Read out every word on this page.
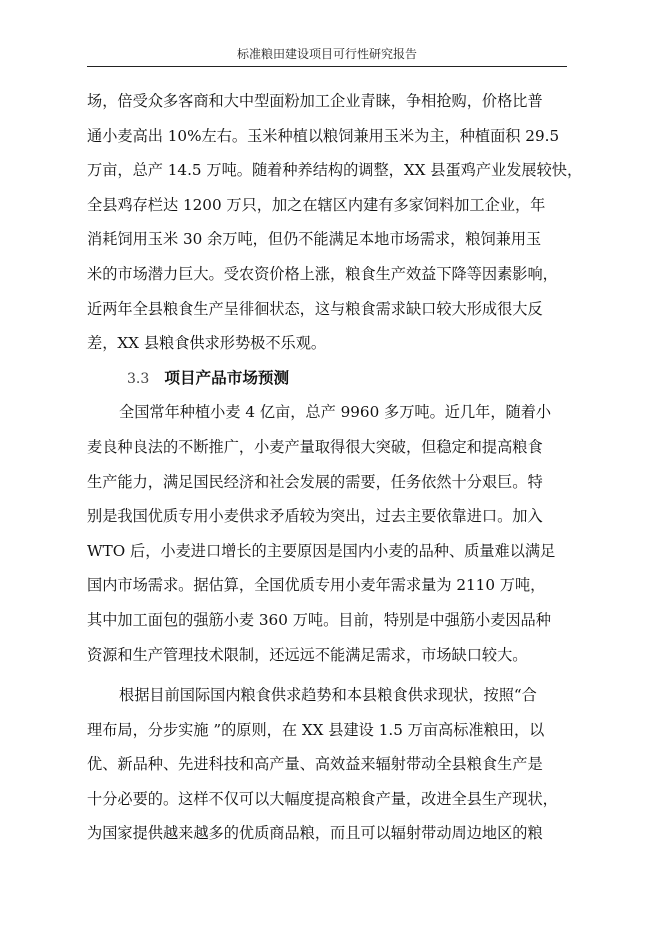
标准粮田建设项目可行性研究报告
场，倍受众多客商和大中型面粉加工企业青睐，争相抢购，价格比普
通小麦高出 10%左右。玉米种植以粮饲兼用玉米为主，种植面积 29.5
万亩，总产 14.5 万吨。随着种养结构的调整，XX 县蛋鸡产业发展较快，
全县鸡存栏达 1200 万只，加之在辖区内建有多家饲料加工企业，年
消耗饲用玉米 30 余万吨，但仍不能满足本地市场需求，粮饲兼用玉
米的市场潜力巨大。受农资价格上涨，粮食生产效益下降等因素影响，
近两年全县粮食生产呈徘徊状态，这与粮食需求缺口较大形成很大反
差，XX 县粮食供求形势极不乐观。
3.3 项目产品市场预测
全国常年种植小麦 4 亿亩，总产 9960 多万吨。近几年，随着小
麦良种良法的不断推广，小麦产量取得很大突破，但稳定和提高粮食
生产能力，满足国民经济和社会发展的需要，任务依然十分艰巨。特
别是我国优质专用小麦供求矛盾较为突出，过去主要依靠进口。加入
WTO 后，小麦进口增长的主要原因是国内小麦的品种、质量难以满足
国内市场需求。据估算，全国优质专用小麦年需求量为 2110 万吨，
其中加工面包的强筋小麦 360 万吨。目前，特别是中强筋小麦因品种
资源和生产管理技术限制，还远远不能满足需求，市场缺口较大。
根据目前国际国内粮食供求趋势和本县粮食供求现状，按照“合
理布局，分步实施 ”的原则，在 XX 县建设 1.5 万亩高标准粮田，以
优、新品种、先进科技和高产量、高效益来辐射带动全县粮食生产是
十分必要的。这样不仅可以大幅度提高粮食产量，改进全县生产现状，
为国家提供越来越多的优质商品粮，而且可以辐射带动周边地区的粮
